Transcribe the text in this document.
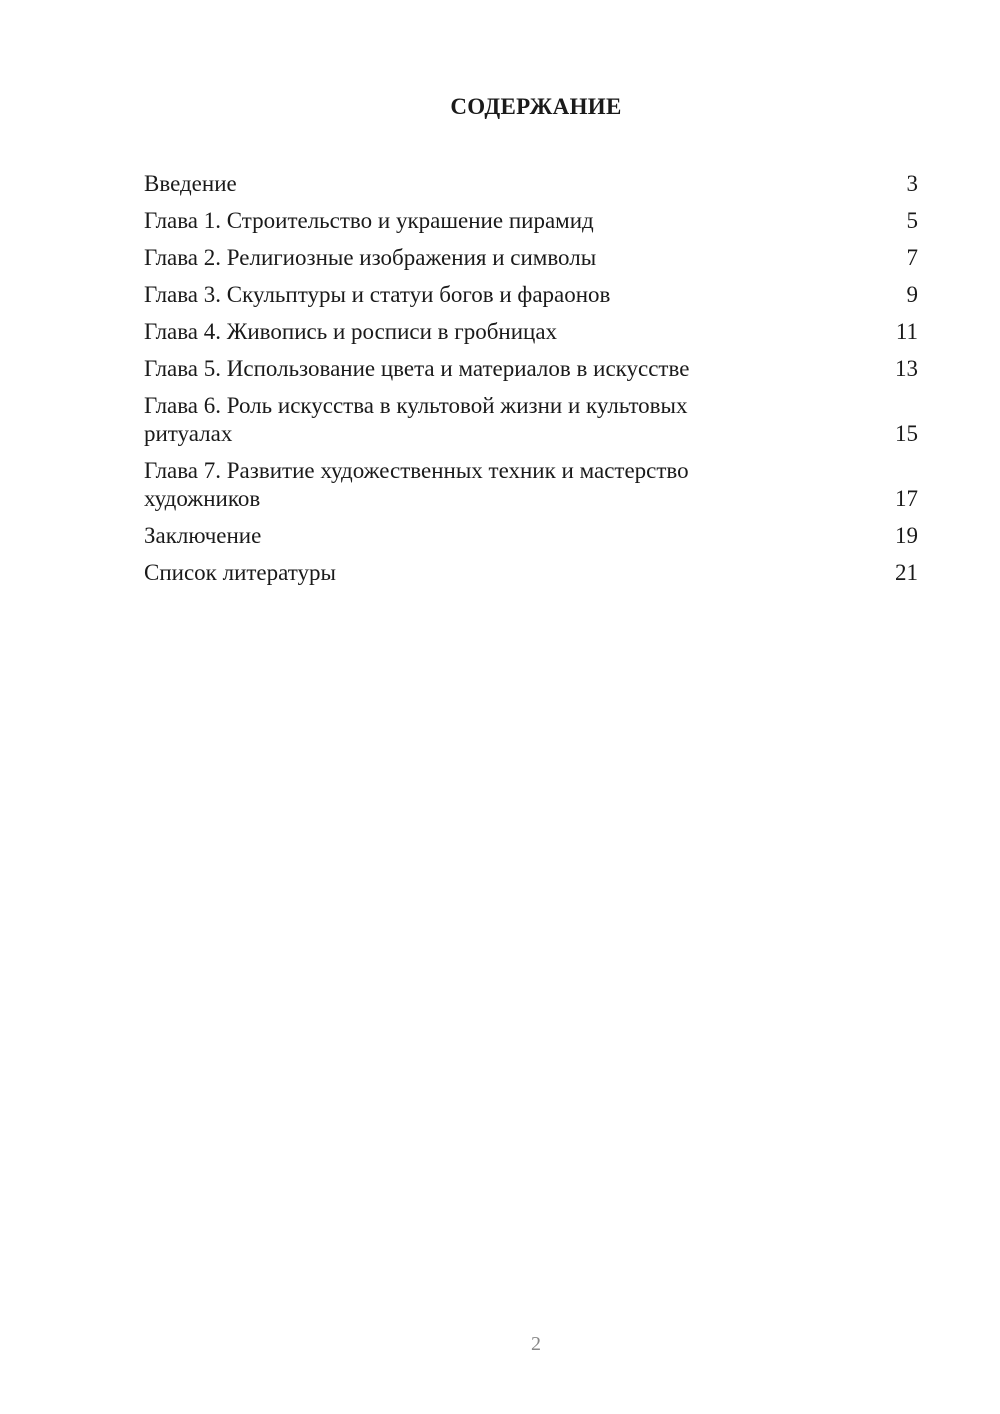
СОДЕРЖАНИЕ
Введение	3
Глава 1. Строительство и украшение пирамид	5
Глава 2. Религиозные изображения и символы	7
Глава 3. Скульптуры и статуи богов и фараонов	9
Глава 4. Живопись и росписи в гробницах	11
Глава 5. Использование цвета и материалов в искусстве	13
Глава 6. Роль искусства в культовой жизни и культовых ритуалах	15
Глава 7. Развитие художественных техник и мастерство художников	17
Заключение	19
Список литературы	21
2
